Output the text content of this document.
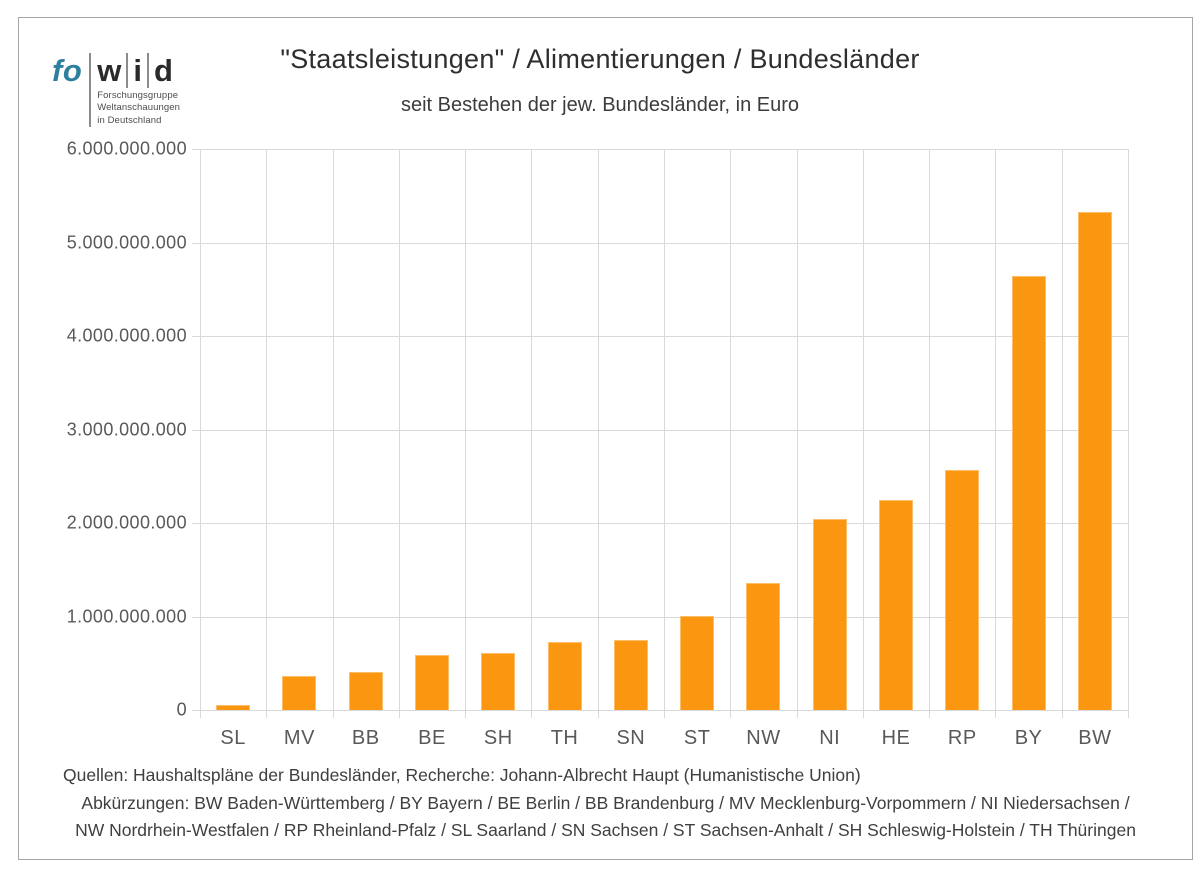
fo w i d
Forschungsgruppe
Weltanschauungen
in Deutschland
"Staatsleistungen" / Alimentierungen / Bundesländer
seit Bestehen der jew. Bundesländer, in Euro
0
1.000.000.000
2.000.000.000
3.000.000.000
4.000.000.000
5.000.000.000
6.000.000.000
SL	MV	BB	BE	SH	TH	SN	ST	NW	NI	HE	RP	BY	BW
Quellen: Haushaltspläne der Bundesländer, Recherche: Johann-Albrecht Haupt (Humanistische Union)
Abkürzungen: BW Baden-Württemberg / BY Bayern / BE Berlin / BB Brandenburg / MV Mecklenburg-Vorpommern / NI Niedersachsen /
NW Nordrhein-Westfalen / RP Rheinland-Pfalz / SL Saarland / SN Sachsen / ST Sachsen-Anhalt / SH Schleswig-Holstein / TH Thüringen
